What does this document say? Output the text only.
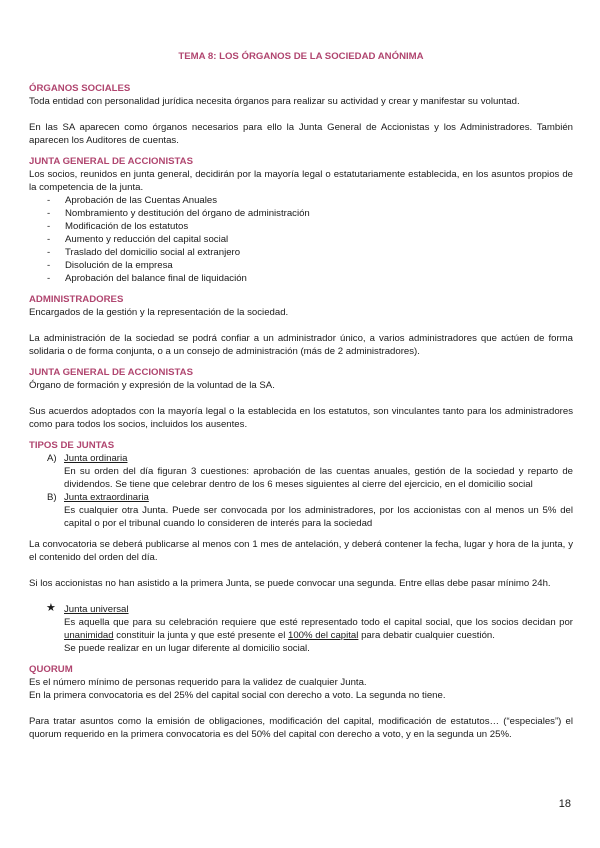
TEMA 8: LOS ÓRGANOS DE LA SOCIEDAD ANÓNIMA

ÓRGANOS SOCIALES

Toda entidad con personalidad jurídica necesita órganos para realizar su actividad y crear y manifestar su voluntad.

En las SA aparecen como órganos necesarios para ello la Junta General de Accionistas y los Administradores. También aparecen los Auditores de cuentas.

JUNTA GENERAL DE ACCIONISTAS

Los socios, reunidos en junta general, decidirán por la mayoría legal o estatutariamente establecida, en los asuntos propios de la competencia de la junta.

- Aprobación de las Cuentas Anuales
- Nombramiento y destitución del órgano de administración
- Modificación de los estatutos
- Aumento y reducción del capital social
- Traslado del domicilio social al extranjero
- Disolución de la empresa
- Aprobación del balance final de liquidación

ADMINISTRADORES

Encargados de la gestión y la representación de la sociedad.

La administración de la sociedad se podrá confiar a un administrador único, a varios administradores que actúen de forma solidaria o de forma conjunta, o a un consejo de administración (más de 2 administradores).

JUNTA GENERAL DE ACCIONISTAS

Órgano de formación y expresión de la voluntad de la SA.

Sus acuerdos adoptados con la mayoría legal o la establecida en los estatutos, son vinculantes tanto para los administradores como para todos los socios, incluidos los ausentes.

TIPOS DE JUNTAS

A) Junta ordinaria

En su orden del día figuran 3 cuestiones: aprobación de las cuentas anuales, gestión de la sociedad y reparto de dividendos. Se tiene que celebrar dentro de los 6 meses siguientes al cierre del ejercicio, en el domicilio social

B) Junta extraordinaria

Es cualquier otra Junta. Puede ser convocada por los administradores, por los accionistas con al menos un 5% del capital o por el tribunal cuando lo consideren de interés para la sociedad

La convocatoria se deberá publicarse al menos con 1 mes de antelación, y deberá contener la fecha, lugar y hora de la junta, y el contenido del orden del día.

Si los accionistas no han asistido a la primera Junta, se puede convocar una segunda. Entre ellas debe pasar mínimo 24h.

★ Junta universal

Es aquella que para su celebración requiere que esté representado todo el capital social, que los socios decidan por unanimidad constituir la junta y que esté presente el 100% del capital para debatir cualquier cuestión.

Se puede realizar en un lugar diferente al domicilio social.

QUORUM

Es el número mínimo de personas requerido para la validez de cualquier Junta.

En la primera convocatoria es del 25% del capital social con derecho a voto. La segunda no tiene.

Para tratar asuntos como la emisión de obligaciones, modificación del capital, modificación de estatutos… (“especiales”) el quorum requerido en la primera convocatoria es del 50% del capital con derecho a voto, y en la segunda un 25%.

18
